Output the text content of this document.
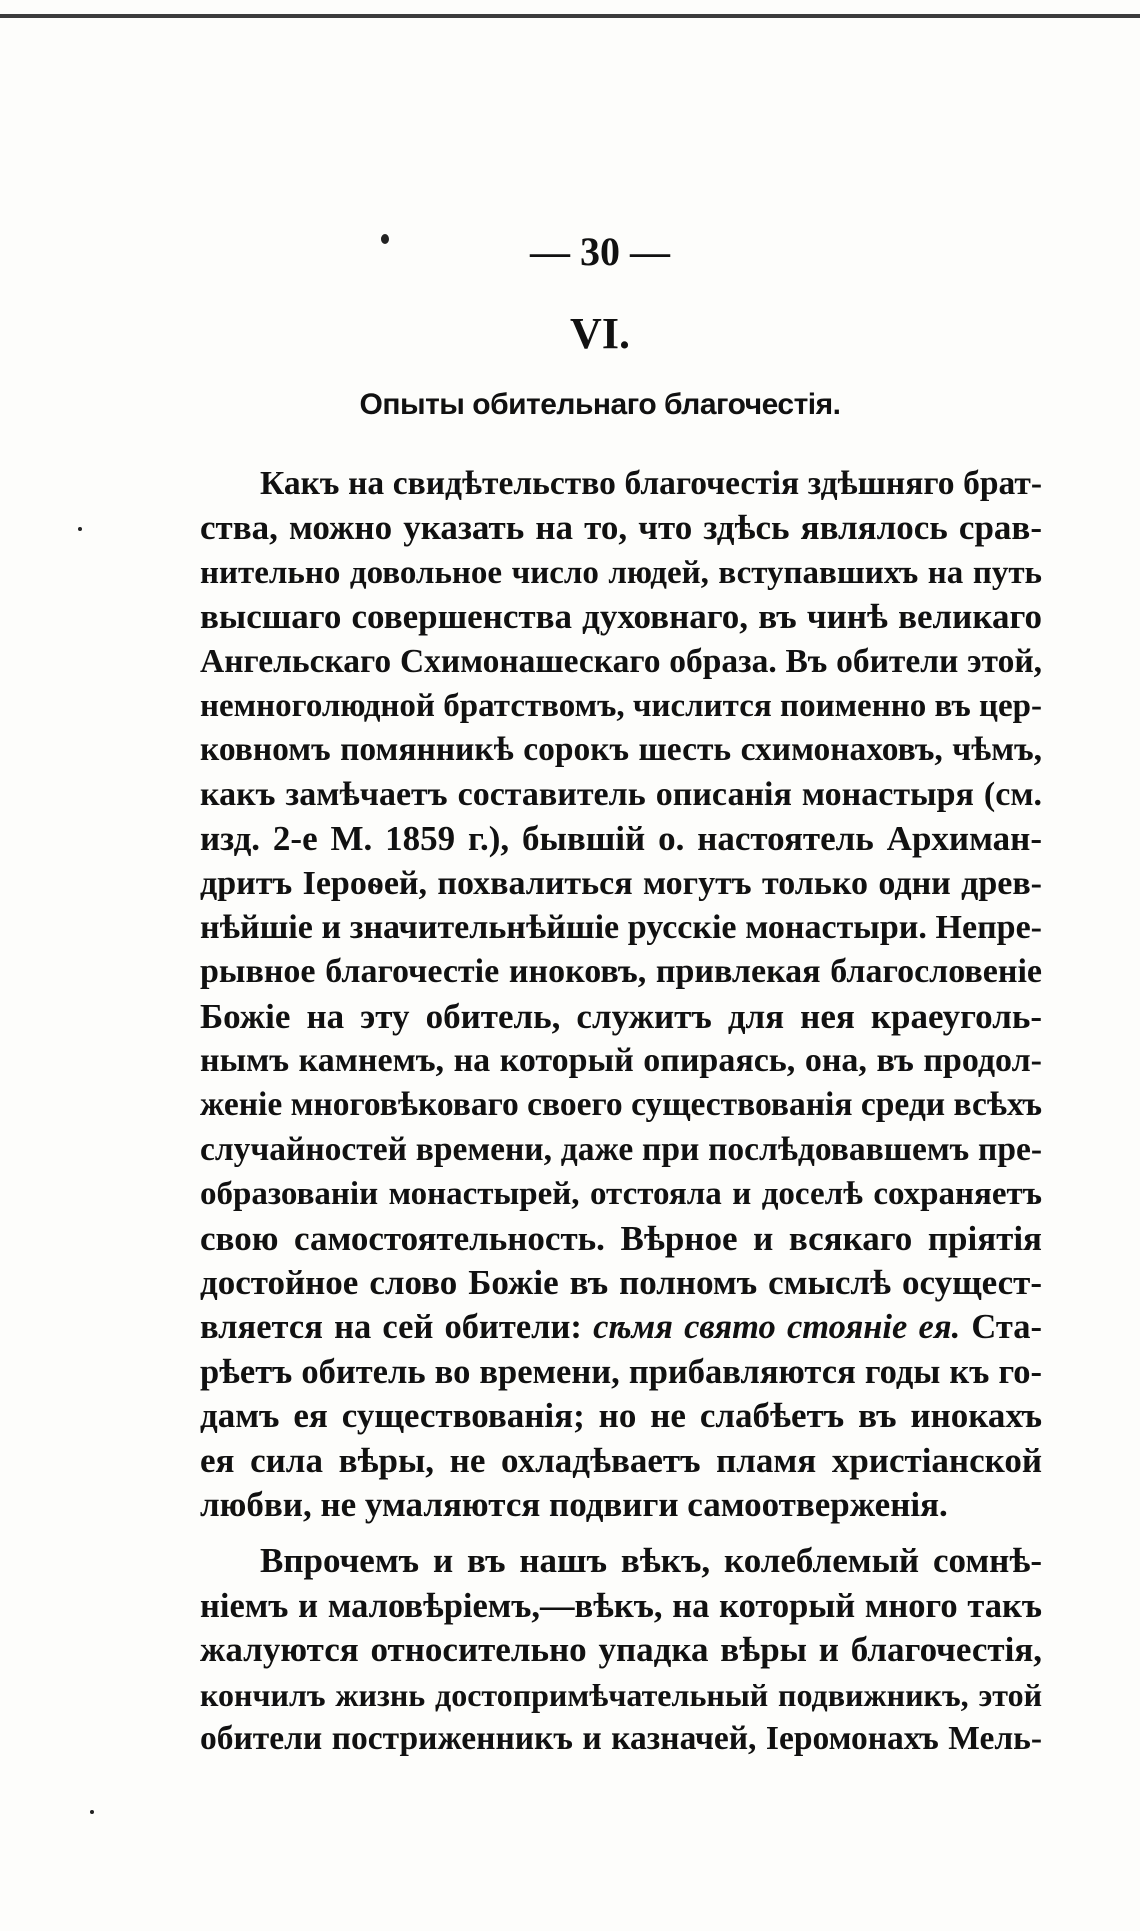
— 30 —
VI.
Опыты обительнаго благочестія.
Какъ на свидѣтельство благочестія здѣшняго брат-
ства, можно указать на то, что здѣсь являлось срав-
нительно довольное число людей, вступавшихъ на путь
высшаго совершенства духовнаго, въ чинѣ великаго
Ангельскаго Схимонашескаго образа. Въ обители этой,
немноголюдной братствомъ, числится поименно въ цер-
ковномъ помянникѣ сорокъ шесть схимонаховъ, чѣмъ,
какъ замѣчаетъ составитель описанія монастыря (см.
изд. 2-е М. 1859 г.), бывшій о. настоятель Архиман-
дритъ Іероѳей, похвалиться могутъ только одни древ-
нѣйшіе и значительнѣйшіе русскіе монастыри. Непре-
рывное благочестіе иноковъ, привлекая благословеніе
Божіе на эту обитель, служитъ для нея краеуголь-
нымъ камнемъ, на который опираясь, она, въ продол-
женіе многовѣковаго своего существованія среди всѣхъ
случайностей времени, даже при послѣдовавшемъ пре-
образованіи монастырей, отстояла и доселѣ сохраняетъ
свою самостоятельность. Вѣрное и всякаго пріятія
достойное слово Божіе въ полномъ смыслѣ осущест-
вляется на сей обители: сѣмя свято стояніе ея. Ста-
рѣетъ обитель во времени, прибавляются годы къ го-
дамъ ея существованія; но не слабѣетъ въ инокахъ
ея сила вѣры, не охладѣваетъ пламя христіанской
любви, не умаляются подвиги самоотверженія.
Впрочемъ и въ нашъ вѣкъ, колеблемый сомнѣ-
ніемъ и маловѣріемъ,—вѣкъ, на который много такъ
жалуются относительно упадка вѣры и благочестія,
кончилъ жизнь достопримѣчательный подвижникъ, этой
обители постриженникъ и казначей, Іеромонахъ Мель-
